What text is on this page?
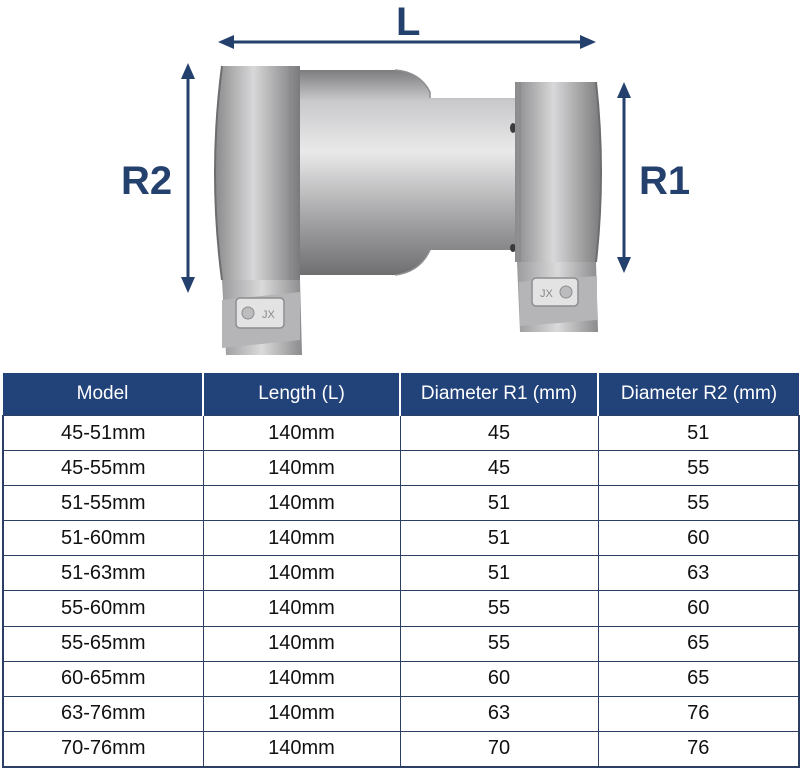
JX
JX
L
R2	R1
Model	Length (L)	Diameter R1 (mm)	Diameter R2 (mm)
45-51mm	140mm	45	51
45-55mm	140mm	45	55
51-55mm	140mm	51	55
51-60mm	140mm	51	60
51-63mm	140mm	51	63
55-60mm	140mm	55	60
55-65mm	140mm	55	65
60-65mm	140mm	60	65
63-76mm	140mm	63	76
70-76mm	140mm	70	76
